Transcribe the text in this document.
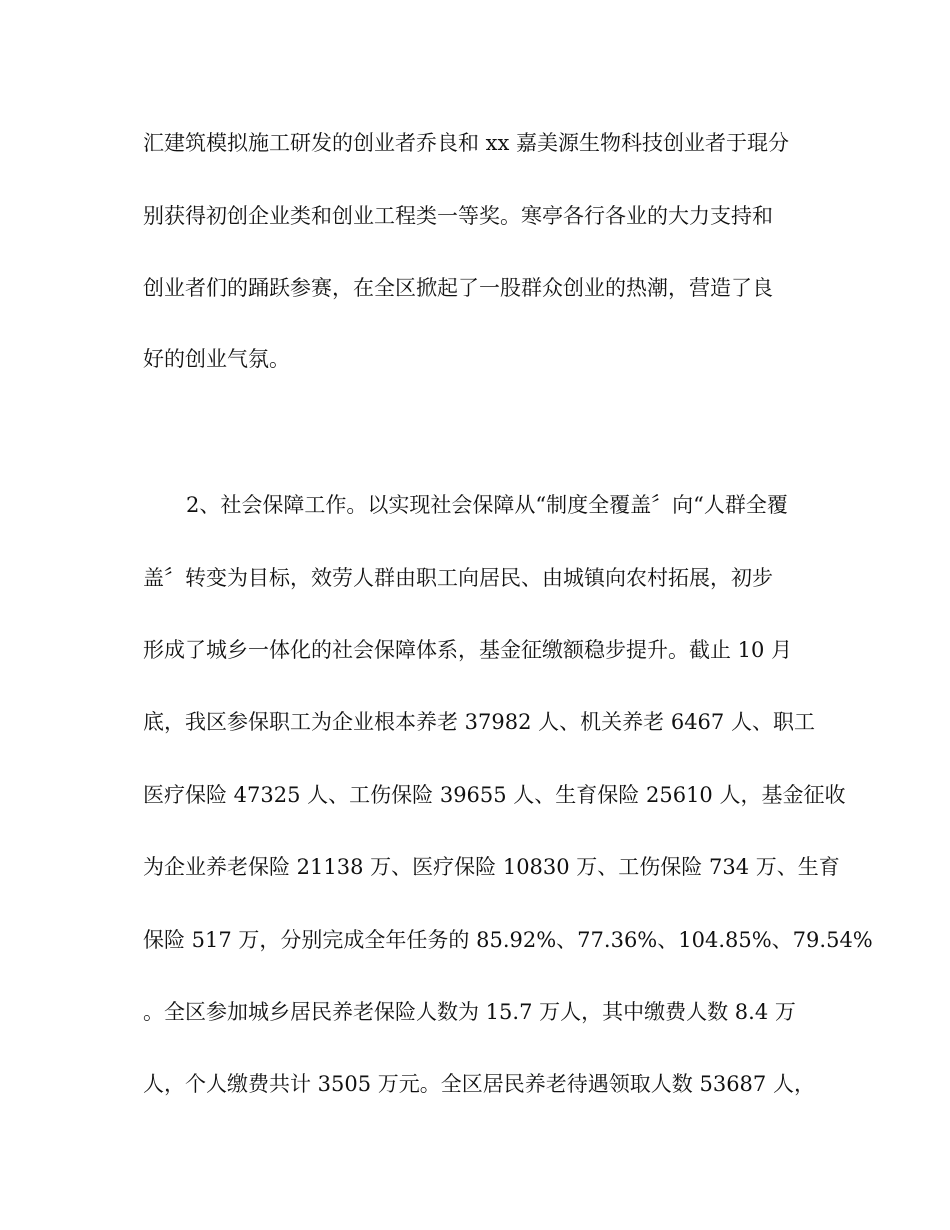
汇建筑模拟施工研发的创业者乔良和 xx 嘉美源生物科技创业者于琨分
别获得初创企业类和创业工程类一等奖。寒亭各行各业的大力支持和
创业者们的踊跃参赛，在全区掀起了一股群众创业的热潮，营造了良
好的创业气氛。
2、社会保障工作。以实现社会保障从“制度全覆盖〞向“人群全覆
盖〞转变为目标，效劳人群由职工向居民、由城镇向农村拓展，初步
形成了城乡一体化的社会保障体系，基金征缴额稳步提升。截止 10 月
底，我区参保职工为企业根本养老 37982 人、机关养老 6467 人、职工
医疗保险 47325 人、工伤保险 39655 人、生育保险 25610 人，基金征收
为企业养老保险 21138 万、医疗保险 10830 万、工伤保险 734 万、生育
保险 517 万，分别完成全年任务的 85.92%、77.36%、104.85%、79.54%
。全区参加城乡居民养老保险人数为 15.7 万人，其中缴费人数 8.4 万
人，个人缴费共计 3505 万元。全区居民养老待遇领取人数 53687 人，
